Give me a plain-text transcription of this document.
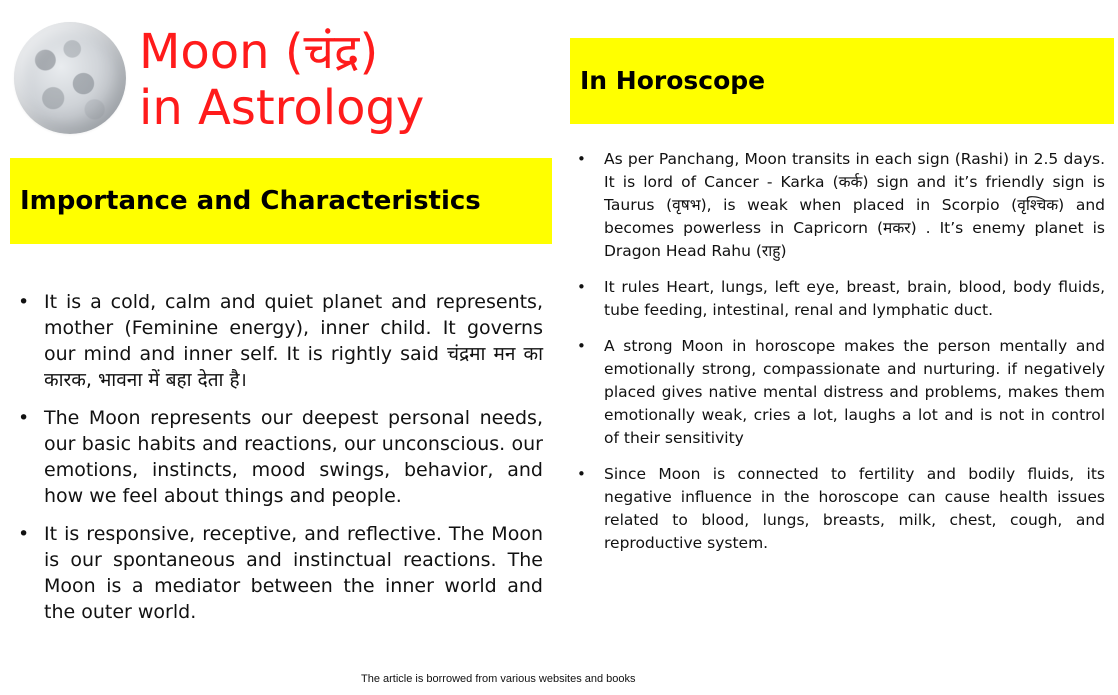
Moon (चंद्र)
in Astrology	In Horoscope
Importance and Characteristics
• It is a cold, calm and quiet planet and represents, mother (Feminine energy), inner child. It governs our mind and inner self. It is rightly said चंद्रमा मन का कारक, भावना में बहा देता है।
• The Moon represents our deepest personal needs, our basic habits and reactions, our unconscious. our emotions, instincts, mood swings, behavior, and how we feel about things and people.
• It is responsive, receptive, and reflective. The Moon is our spontaneous and instinctual reactions. The Moon is a mediator between the inner world and the outer world.
• As per Panchang, Moon transits in each sign (Rashi) in 2.5 days. It is lord of Cancer - Karka (कर्क) sign and it’s friendly sign is Taurus (वृषभ), is weak when placed in Scorpio (वृश्चिक) and becomes powerless in Capricorn (मकर) . It’s enemy planet is Dragon Head Rahu (राहु)
• It rules Heart, lungs, left eye, breast, brain, blood, body fluids, tube feeding, intestinal, renal and lymphatic duct.
• A strong Moon in horoscope makes the person mentally and emotionally strong, compassionate and nurturing. if negatively placed gives native mental distress and problems, makes them emotionally weak, cries a lot, laughs a lot and is not in control of their sensitivity
• Since Moon is connected to fertility and bodily fluids, its negative influence in the horoscope can cause health issues related to blood, lungs, breasts, milk, chest, cough, and reproductive system.
The article is borrowed from various websites and books
